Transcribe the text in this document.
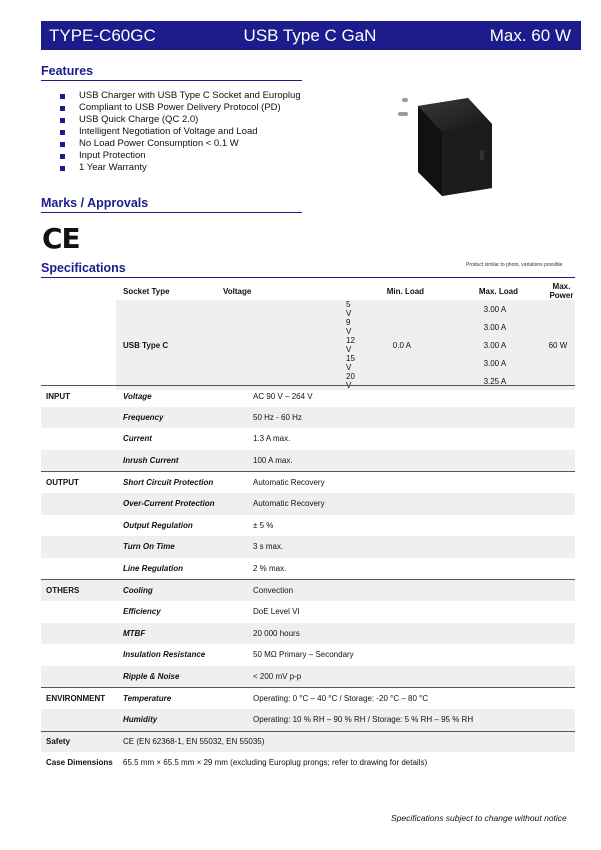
TYPE-C60GC	USB Type C GaN	Max. 60 W
Features
USB Charger with USB Type C Socket and Europlug
Compliant to USB Power Delivery Protocol (PD)
USB Quick Charge (QC 2.0)
Intelligent Negotiation of Voltage and Load
No Load Power Consumption < 0.1 W
Input Protection
1 Year Warranty
Product similar to photo, variations possible
Marks / Approvals
CE
Specifications
Socket Type	Voltage	Min. Load	Max. Load	Max. Power
USB Type C	5 V	0.0 A	3.00 A	60 W
	9 V		3.00 A	
	12 V		3.00 A	
	15 V		3.00 A	
	20 V		3.25 A	
INPUT	Voltage	AC 90 V – 264 V
Frequency	50 Hz - 60 Hz
Current	1.3 A max.
Inrush Current	100 A max.
OUTPUT	Short Circuit Protection	Automatic Recovery
Over-Current Protection	Automatic Recovery
Output Regulation	± 5 %
Turn On Time	3 s max.
Line Regulation	2 % max.
OTHERS	Cooling	Convection
Efficiency	DoE Level VI
MTBF	20 000 hours
Insulation Resistance	50 MΩ Primary – Secondary
Ripple & Noise	< 200 mV p-p
ENVIRONMENT	Temperature	Operating: 0 °C – 40 °C / Storage: -20 °C – 80 °C
Humidity	Operating: 10 % RH – 90 % RH / Storage: 5 % RH – 95 % RH
Safety	CE (EN 62368-1, EN 55032, EN 55035)
Case Dimensions	65.5 mm × 65.5 mm × 29 mm (excluding Europlug prongs; refer to drawing for details)
Specifications subject to change without notice
